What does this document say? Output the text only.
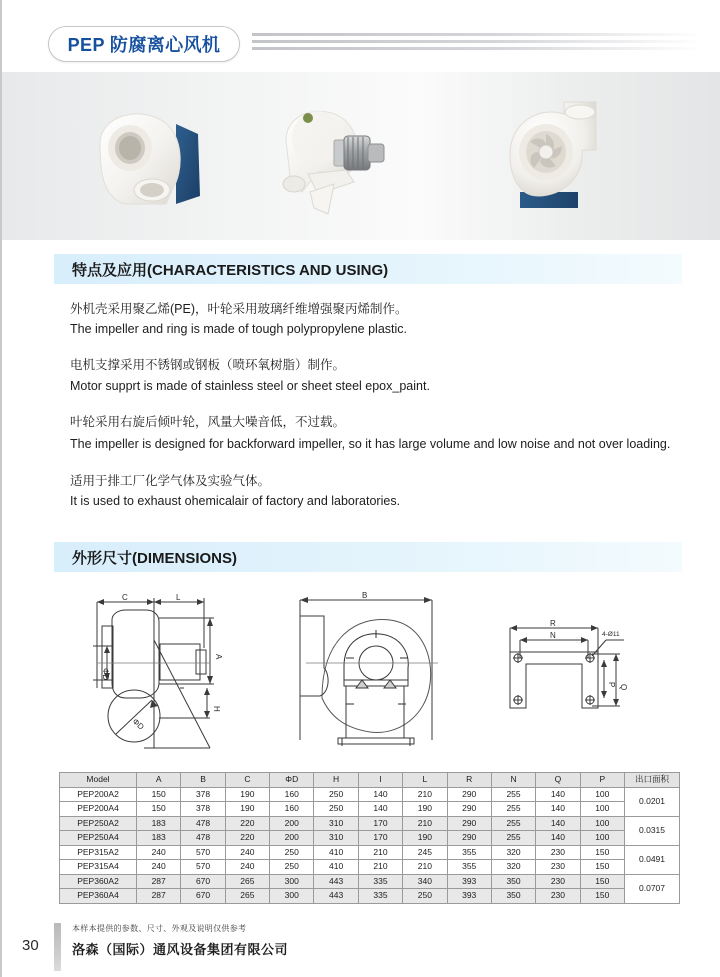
PEP 防腐离心风机
特点及应用(CHARACTERISTICS AND USING)
外机壳采用聚乙烯(PE)，叶轮采用玻璃纤维增强聚丙烯制作。
The impeller and ring is made of tough polypropylene plastic.
电机支撑采用不锈钢或钢板（喷环氧树脂）制作。
Motor supprt is made of stainless steel or sheet steel epox_paint.
叶轮采用右旋后倾叶轮，风量大噪音低，不过载。
The impeller is designed for backforward impeller, so it has large volume and low noise and not over loading.
适用于排工厂化学气体及实验气体。
It is used to exhaust ohemicalair of factory and laboratories.
外形尺寸(DIMENSIONS)
C	L
A
H
ΦD
ΦD
B
R
N
P Q
4-Ø11
Model	A	B	C	ΦD	H	I	L	R	N	Q	P	出口面积
PEP200A2	150	378	190	160	250	140	210	290	255	140	100	0.0201
PEP200A4	150	378	190	160	250	140	190	290	255	140	100	
PEP250A2	183	478	220	200	310	170	210	290	255	140	100	0.0315
PEP250A4	183	478	220	200	310	170	190	290	255	140	100	
PEP315A2	240	570	240	250	410	210	245	355	320	230	150	0.0491
PEP315A4	240	570	240	250	410	210	210	355	320	230	150	
PEP360A2	287	670	265	300	443	335	340	393	350	230	150	0.0707
PEP360A4	287	670	265	300	443	335	250	393	350	230	150	
30
本样本提供的参数、尺寸、外观及说明仅供参考
洛森（国际）通风设备集团有限公司
